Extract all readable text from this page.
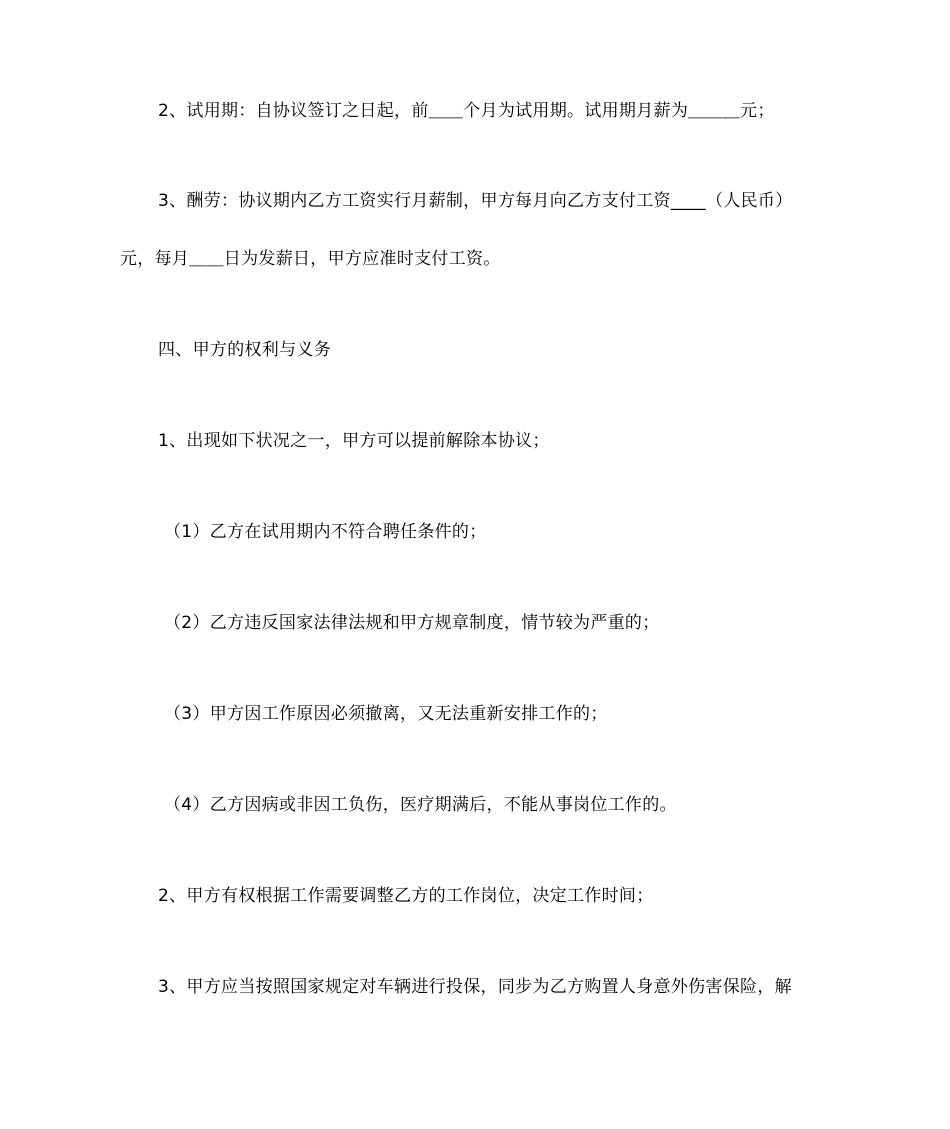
2、试用期：自协议签订之日起，前＿＿个月为试用期。试用期月薪为＿＿＿元；
3、酬劳：协议期内乙方工资实行月薪制，甲方每月向乙方支付工资____（人民币）
元，每月＿＿日为发薪日，甲方应准时支付工资。
四、甲方的权利与义务
1、出现如下状况之一，甲方可以提前解除本协议；
（1）乙方在试用期内不符合聘任条件的；
（2）乙方违反国家法律法规和甲方规章制度，情节较为严重的；
（3）甲方因工作原因必须撤离，又无法重新安排工作的；
（4）乙方因病或非因工负伤，医疗期满后，不能从事岗位工作的。
2、甲方有权根据工作需要调整乙方的工作岗位，决定工作时间；
3、甲方应当按照国家规定对车辆进行投保，同步为乙方购置人身意外伤害保险，解
